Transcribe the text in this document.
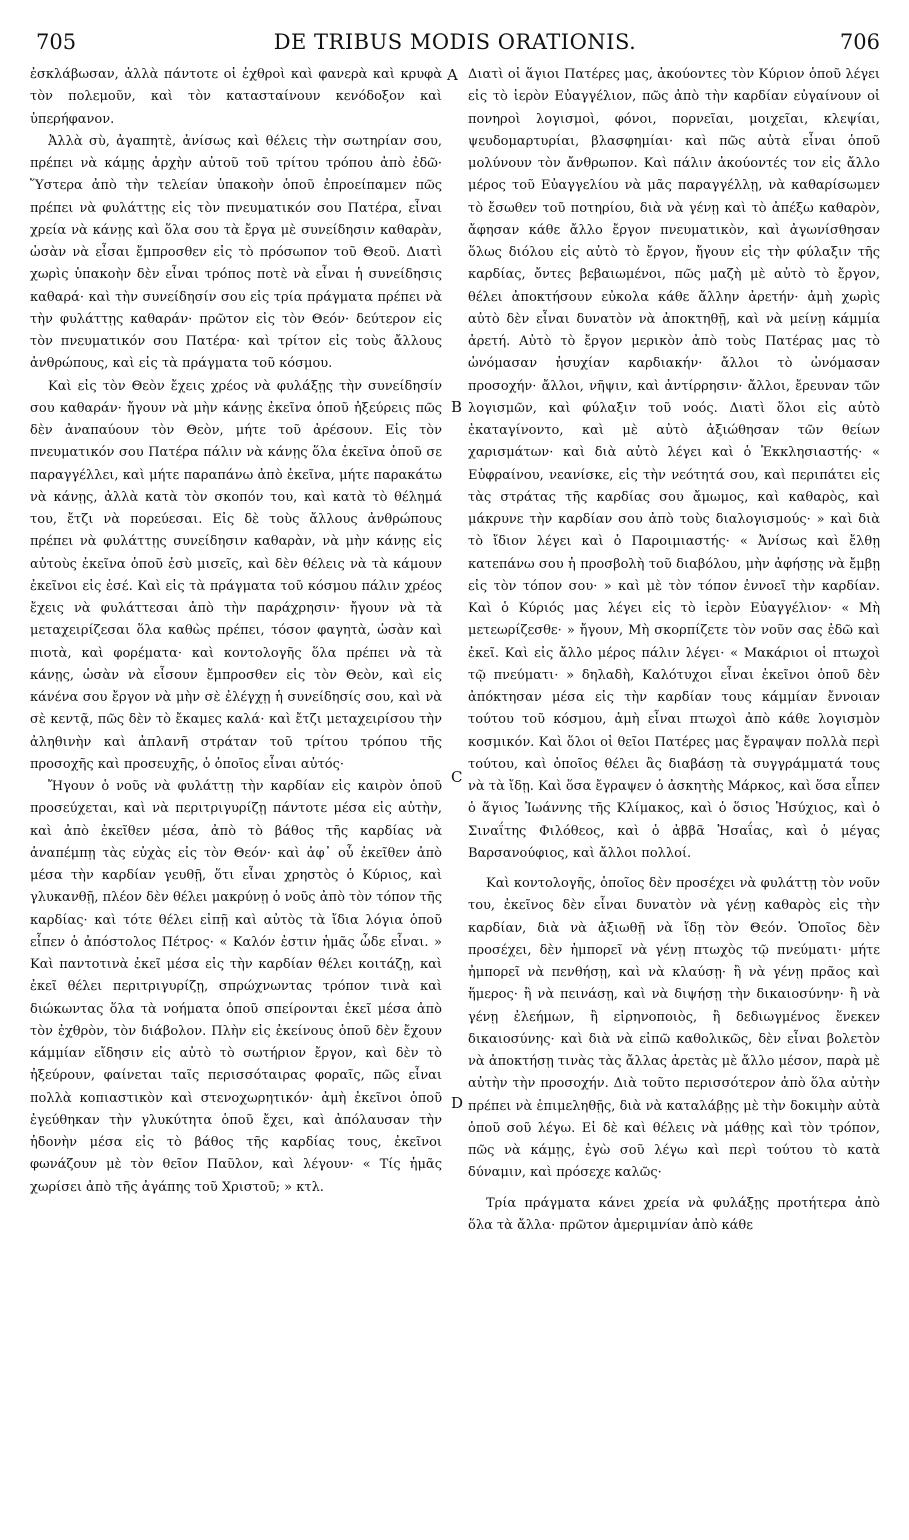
705	DE TRIBUS MODIS ORATIONIS.	706

ἐσκλάβωσαν, ἀλλὰ πάντοτε οἱ ἐχθροὶ καὶ φανερὰ καὶ κρυφὰ τὸν πολεμοῦν, καὶ τὸν κατασταίνουν κενόδοξον καὶ ὑπερήφανον.

Ἀλλὰ σὺ, ἀγαπητὲ, ἀνίσως καὶ θέλεις τὴν σωτηρίαν σου, πρέπει νὰ κάμῃς ἀρχὴν αὐτοῦ τοῦ τρίτου τρόπου ἀπὸ ἐδῶ· Ὕστερα ἀπὸ τὴν τελείαν ὑπακοὴν ὁποῦ ἐπροείπαμεν πῶς πρέπει νὰ φυλάττῃς εἰς τὸν πνευματικόν σου Πατέρα, εἶναι χρεία νὰ κάνῃς καὶ ὅλα σου τὰ ἔργα μὲ συνείδησιν καθαρὰν, ὡσὰν νὰ εἶσαι ἔμπροσθεν εἰς τὸ πρόσωπον τοῦ Θεοῦ. Διατὶ χωρὶς ὑπακοὴν δὲν εἶναι τρόπος ποτὲ νὰ εἶναι ἡ συνείδησις καθαρά· καὶ τὴν συνείδησίν σου εἰς τρία πράγματα πρέπει νὰ τὴν φυλάττῃς καθαράν· πρῶτον εἰς τὸν Θεόν· δεύτερον εἰς τὸν πνευματικόν σου Πατέρα· καὶ τρίτον εἰς τοὺς ἄλλους ἀνθρώπους, καὶ εἰς τὰ πράγματα τοῦ κόσμου.

Καὶ εἰς τὸν Θεὸν ἔχεις χρέος νὰ φυλάξῃς τὴν συνείδησίν σου καθαράν· ἤγουν νὰ μὴν κάνῃς ἐκεῖνα ὁποῦ ἠξεύρεις πῶς δὲν ἀναπαύουν τὸν Θεὸν, μήτε τοῦ ἀρέσουν. Εἰς τὸν πνευματικόν σου Πατέρα πάλιν νὰ κάνῃς ὅλα ἐκεῖνα ὁποῦ σε παραγγέλλει, καὶ μήτε παραπάνω ἀπὸ ἐκεῖνα, μήτε παρακάτω νὰ κάνῃς, ἀλλὰ κατὰ τὸν σκοπόν του, καὶ κατὰ τὸ θέλημά του, ἔτζι νὰ πορεύεσαι. Εἰς δὲ τοὺς ἄλλους ἀνθρώπους πρέπει νὰ φυλάττῃς συνείδησιν καθαρὰν, νὰ μὴν κάνῃς εἰς αὐτοὺς ἐκεῖνα ὁποῦ ἐσὺ μισεῖς, καὶ δὲν θέλεις νὰ τὰ κάμουν ἐκεῖνοι εἰς ἐσέ. Καὶ εἰς τὰ πράγματα τοῦ κόσμου πάλιν χρέος ἔχεις νὰ φυλάττεσαι ἀπὸ τὴν παράχρησιν· ἤγουν νὰ τὰ μεταχειρίζεσαι ὅλα καθὼς πρέπει, τόσον φαγητὰ, ὡσὰν καὶ πιοτὰ, καὶ φορέματα· καὶ κοντολογῆς ὅλα πρέπει νὰ τὰ κάνῃς, ὡσὰν νὰ εἶσουν ἔμπροσθεν εἰς τὸν Θεὸν, καὶ εἰς κάνένα σου ἔργον νὰ μὴν σὲ ἐλέγχῃ ἡ συνείδησίς σου, καὶ νὰ σὲ κεντᾷ, πῶς δὲν τὸ ἔκαμες καλά· καὶ ἔτζι μεταχειρίσου τὴν ἀληθινὴν καὶ ἀπλανῆ στράταν τοῦ τρίτου τρόπου τῆς προσοχῆς καὶ προσευχῆς, ὁ ὁποῖος εἶναι αὐτός·

Ἤγουν ὁ νοῦς νὰ φυλάττῃ τὴν καρδίαν εἰς καιρὸν ὁποῦ προσεύχεται, καὶ νὰ περιτριγυρίζῃ πάντοτε μέσα εἰς αὐτὴν, καὶ ἀπὸ ἐκεῖθεν μέσα, ἀπὸ τὸ βάθος τῆς καρδίας νὰ ἀναπέμπῃ τὰς εὐχὰς εἰς τὸν Θεόν· καὶ ἀφ᾽ οὗ ἐκεῖθεν ἀπὸ μέσα τὴν καρδίαν γευθῇ, ὅτι εἶναι χρηστὸς ὁ Κύριος, καὶ γλυκανθῇ, πλέον δὲν θέλει μακρύνῃ ὁ νοῦς ἀπὸ τὸν τόπον τῆς καρδίας· καὶ τότε θέλει εἰπῇ καὶ αὐτὸς τὰ ἴδια λόγια ὁποῦ εἶπεν ὁ ἀπόστολος Πέτρος· « Καλόν ἐστιν ἡμᾶς ὧδε εἶναι. » Καὶ παντοτινὰ ἐκεῖ μέσα εἰς τὴν καρδίαν θέλει κοιτάζῃ, καὶ ἐκεῖ θέλει περιτριγυρίζῃ, σπρώχνωντας τρόπον τινὰ καὶ διώκωντας ὅλα τὰ νοήματα ὁποῦ σπείρονται ἐκεῖ μέσα ἀπὸ τὸν ἐχθρὸν, τὸν διάβολον. Πλὴν εἰς ἐκείνους ὁποῦ δὲν ἔχουν κάμμίαν εἴδησιν εἰς αὐτὸ τὸ σωτήριον ἔργον, καὶ δὲν τὸ ἠξεύρουν, φαίνεται ταῖς περισσόταιρας φοραῖς, πῶς εἶναι πολλὰ κοπιαστικὸν καὶ στενοχωρητικόν· ἀμὴ ἐκεῖνοι ὁποῦ ἐγεύθηκαν τὴν γλυκύτητα ὁποῦ ἔχει, καὶ ἀπόλαυσαν τὴν ἡδονὴν μέσα εἰς τὸ βάθος τῆς καρδίας τους, ἐκεῖνοι φωνάζουν μὲ τὸν θεῖον Παῦλον, καὶ λέγουν· « Τίς ἡμᾶς χωρίσει ἀπὸ τῆς ἀγάπης τοῦ Χριστοῦ; » κτλ.

Διατὶ οἱ ἅγιοι Πατέρες μας, ἀκούοντες τὸν Κύριον ὁποῦ λέγει εἰς τὸ ἱερὸν Εὐαγγέλιον, πῶς ἀπὸ τὴν καρδίαν εὐγαίνουν οἱ πονηροὶ λογισμοὶ, φόνοι, πορνεῖαι, μοιχεῖαι, κλεψίαι, ψευδομαρτυρίαι, βλασφημίαι· καὶ πῶς αὐτὰ εἶναι ὁποῦ μολύνουν τὸν ἄνθρωπον. Καὶ πάλιν ἀκούοντές τον εἰς ἄλλο μέρος τοῦ Εὐαγγελίου νὰ μᾶς παραγγέλλῃ, νὰ καθαρίσωμεν τὸ ἔσωθεν τοῦ ποτηρίου, διὰ νὰ γένῃ καὶ τὸ ἀπέξω καθαρὸν, ἄφησαν κάθε ἄλλο ἔργον πνευματικὸν, καὶ ἀγωνίσθησαν ὅλως διόλου εἰς αὐτὸ τὸ ἔργον, ἤγουν εἰς τὴν φύλαξιν τῆς καρδίας, ὄντες βεβαιωμένοι, πῶς μαζὴ μὲ αὐτὸ τὸ ἔργον, θέλει ἀποκτήσουν εὐκολα κάθε ἄλλην ἀρετήν· ἀμὴ χωρὶς αὐτὸ δὲν εἶναι δυνατὸν νὰ ἀποκτηθῇ, καὶ νὰ μείνῃ κάμμία ἀρετή. Αὐτὸ τὸ ἔργον μερικὸν ἀπὸ τοὺς Πατέρας μας τὸ ὠνόμασαν ἡσυχίαν καρδιακήν· ἄλλοι τὸ ὠνόμασαν προσοχήν· ἄλλοι, νῆψιν, καὶ ἀντίρρησιν· ἄλλοι, ἔρευναν τῶν λογισμῶν, καὶ φύλαξιν τοῦ νοός. Διατὶ ὅλοι εἰς αὐτὸ ἐκαταγίνοντο, καὶ μὲ αὐτὸ ἀξιώθησαν τῶν θείων χαρισμάτων· καὶ διὰ αὐτὸ λέγει καὶ ὁ Ἐκκλησιαστής· « Εὐφραίνου, νεανίσκε, εἰς τὴν νεότητά σου, καὶ περιπάτει εἰς τὰς στράτας τῆς καρδίας σου ἄμωμος, καὶ καθαρὸς, καὶ μάκρυνε τὴν καρδίαν σου ἀπὸ τοὺς διαλογισμούς· » καὶ διὰ τὸ ἴδιον λέγει καὶ ὁ Παροιμιαστής· « Ἀνίσως καὶ ἔλθῃ κατεπάνω σου ἡ προσβολὴ τοῦ διαβόλου, μὴν ἀφήσῃς νὰ ἔμβῃ εἰς τὸν τόπον σου· » καὶ μὲ τὸν τόπον ἐννοεῖ τὴν καρδίαν. Καὶ ὁ Κύριός μας λέγει εἰς τὸ ἱερὸν Εὐαγγέλιον· « Μὴ μετεωρίζεσθε· » ἤγουν, Μὴ σκορπίζετε τὸν νοῦν σας ἐδῶ καὶ ἐκεῖ. Καὶ εἰς ἄλλο μέρος πάλιν λέγει· « Μακάριοι οἱ πτωχοὶ τῷ πνεύματι· » δηλαδὴ, Καλότυχοι εἶναι ἐκεῖνοι ὁποῦ δὲν ἀπόκτησαν μέσα εἰς τὴν καρδίαν τους κάμμίαν ἔννοιαν τούτου τοῦ κόσμου, ἀμὴ εἶναι πτωχοὶ ἀπὸ κάθε λογισμὸν κοσμικόν. Καὶ ὅλοι οἱ θεῖοι Πατέρες μας ἔγραψαν πολλὰ περὶ τούτου, καὶ ὁποῖος θέλει ἂς διαβάσῃ τὰ συγγράμματά τους νὰ τὰ ἴδῃ. Καὶ ὅσα ἔγραψεν ὁ ἀσκητὴς Μάρκος, καὶ ὅσα εἶπεν ὁ ἅγιος Ἰωάννης τῆς Κλίμακος, καὶ ὁ ὅσιος Ἡσύχιος, καὶ ὁ Σιναΐτης Φιλόθεος, καὶ ὁ ἀββᾶ Ἡσαΐας, καὶ ὁ μέγας Βαρσανούφιος, καὶ ἄλλοι πολλοί.

Καὶ κοντολογῆς, ὁποῖος δὲν προσέχει νὰ φυλάττῃ τὸν νοῦν του, ἐκεῖνος δὲν εἶναι δυνατὸν νὰ γένῃ καθαρὸς εἰς τὴν καρδίαν, διὰ νὰ ἀξιωθῇ νὰ ἴδῃ τὸν Θεόν. Ὁποῖος δὲν προσέχει, δὲν ἠμπορεῖ νὰ γένῃ πτωχὸς τῷ πνεύματι· μήτε ἠμπορεῖ νὰ πενθήσῃ, καὶ νὰ κλαύσῃ· ἢ νὰ γένῃ πρᾶος καὶ ἥμερος· ἢ νὰ πεινάσῃ, καὶ νὰ διψήσῃ τὴν δικαιοσύνην· ἢ νὰ γένῃ ἐλεήμων, ἢ εἰρηνοποιὸς, ἢ δεδιωγμένος ἕνεκεν δικαιοσύνης· καὶ διὰ νὰ εἰπῶ καθολικῶς, δὲν εἶναι βολετὸν νὰ ἀποκτήσῃ τινὰς τὰς ἄλλας ἀρετὰς μὲ ἄλλο μέσον, παρὰ μὲ αὐτὴν τὴν προσοχήν. Διὰ τοῦτο περισσότερον ἀπὸ ὅλα αὐτὴν πρέπει νὰ ἐπιμεληθῇς, διὰ νὰ καταλάβῃς μὲ τὴν δοκιμὴν αὐτὰ ὁποῦ σοῦ λέγω. Εἰ δὲ καὶ θέλεις νὰ μάθῃς καὶ τὸν τρόπον, πῶς νὰ κάμῃς, ἐγὼ σοῦ λέγω καὶ περὶ τούτου τὸ κατὰ δύναμιν, καὶ πρόσεχε καλῶς·

Τρία πράγματα κάνει χρεία νὰ φυλάξῃς προτήτερα ἀπὸ ὅλα τὰ ἄλλα· πρῶτον ἀμεριμνίαν ἀπὸ κάθε

A
B
C
D
